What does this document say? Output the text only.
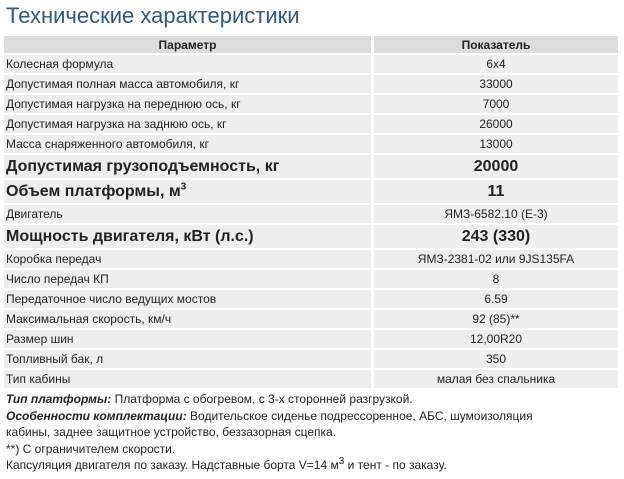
Технические характеристики
Параметр	Показатель
Колесная формула	6x4
Допустимая полная масса автомобиля, кг	33000
Допустимая нагрузка на переднюю ось, кг	7000
Допустимая нагрузка на заднюю ось, кг	26000
Масса снаряженного автомобиля, кг	13000
Допустимая грузоподъемность, кг	20000
Объем платформы, $м^3$	11
Двигатель	ЯМЗ-6582.10 (Е-3)
Мощность двигателя, кВт (л.с.)	243 (330)
Коробка передач	ЯМЗ-2381-02 или 9JS135FA
Число передач КП	8
Передаточное число ведущих мостов	6.59
Максимальная скорость, км/ч	92 (85)**
Размер шин	12,00R20
Топливный бак, л	350
Тип кабины	малая без спальника

Тип платформы: Платформа с обогревом, с 3-х сторонней разгрузкой.

Особенности комплектации: Водительское сиденье подрессоренное, АБС, шумоизоляция

кабины, заднее защитное устройство, беззазорная сцепка.

**) С ограничителем скорости.

Капсуляция двигателя по заказу. Надставные борта V=14 $м^3$ и тент - по заказу.
